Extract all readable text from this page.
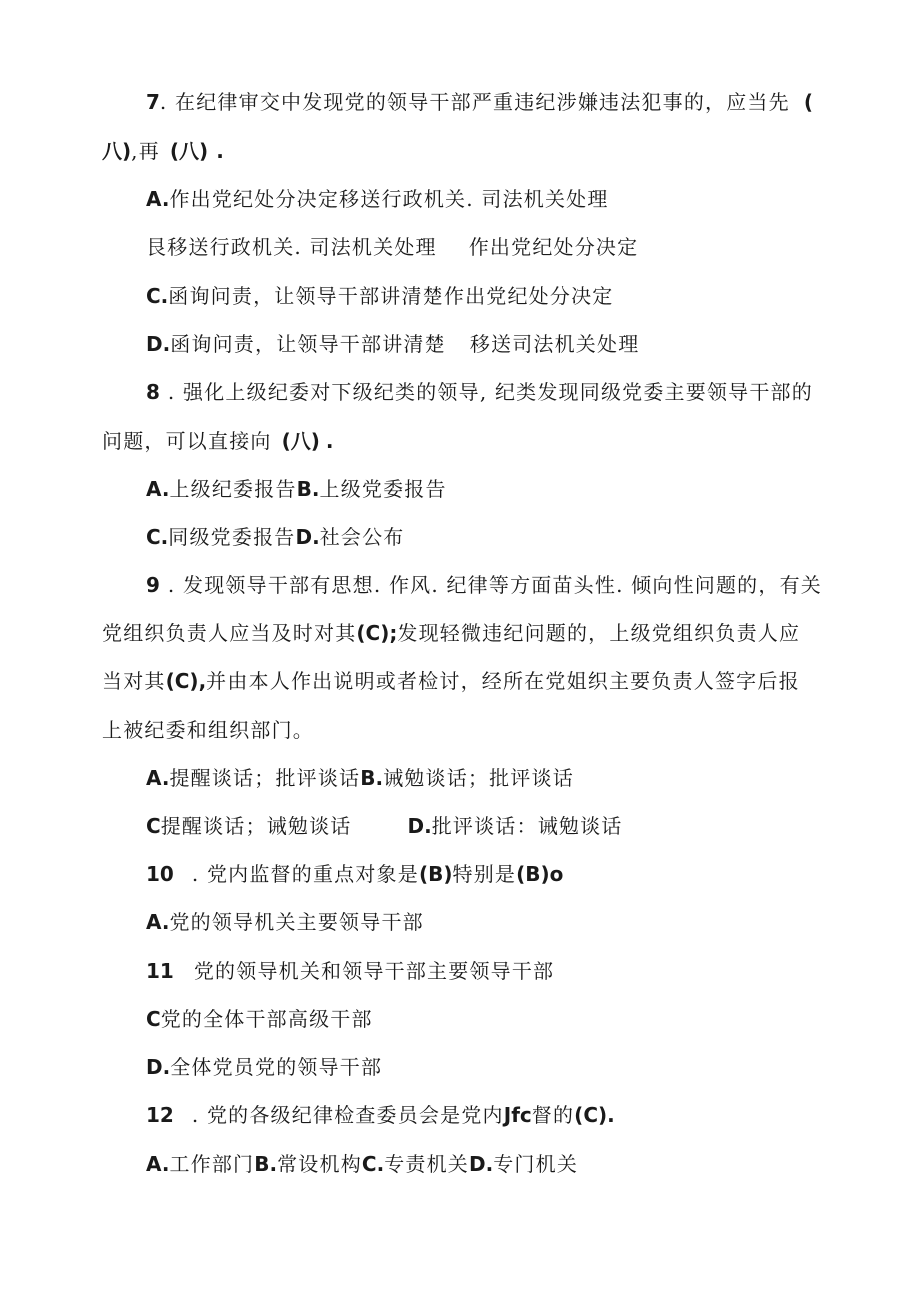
7. 在纪律审交中发现党的领导干部严重违纪涉嫌违法犯事的，应当先 (
八),再 (八) .
A.作出党纪处分决定移送行政机关. 司法机关处理
艮移送行政机关. 司法机关处理 作出党纪处分决定
C.函询问责，让领导干部讲清楚作出党纪处分决定
D.函询问责，让领导干部讲清楚 移送司法机关处理
8 . 强化上级纪委对下级纪类的领导, 纪类发现同级党委主要领导干部的
问题，可以直接向 (八) .
A.上级纪委报告B.上级党委报告
C.同级党委报告D.社会公布
9 . 发现领导干部有思想. 作风. 纪律等方面苗头性. 倾向性问题的，有关
党组织负责人应当及时对其(C);发现轻微违纪问题的，上级党组织负责人应
当对其(C),并由本人作出说明或者检讨，经所在党姐织主要负责人签字后报
上被纪委和组织部门。
A.提醒谈话；批评谈话B.诫勉谈话；批评谈话
C提醒谈话；诫勉谈话	D.批评谈话：诫勉谈话
10 . 党内监督的重点对象是(B)特别是(B)o
A.党的领导机关主要领导干部
11 党的领导机关和领导干部主要领导干部
C党的全体干部高级干部
D.全体党员党的领导干部
12 . 党的各级纪律检查委员会是党内Jfc督的(C).
A.工作部门B.常设机构C.专责机关D.专门机关
